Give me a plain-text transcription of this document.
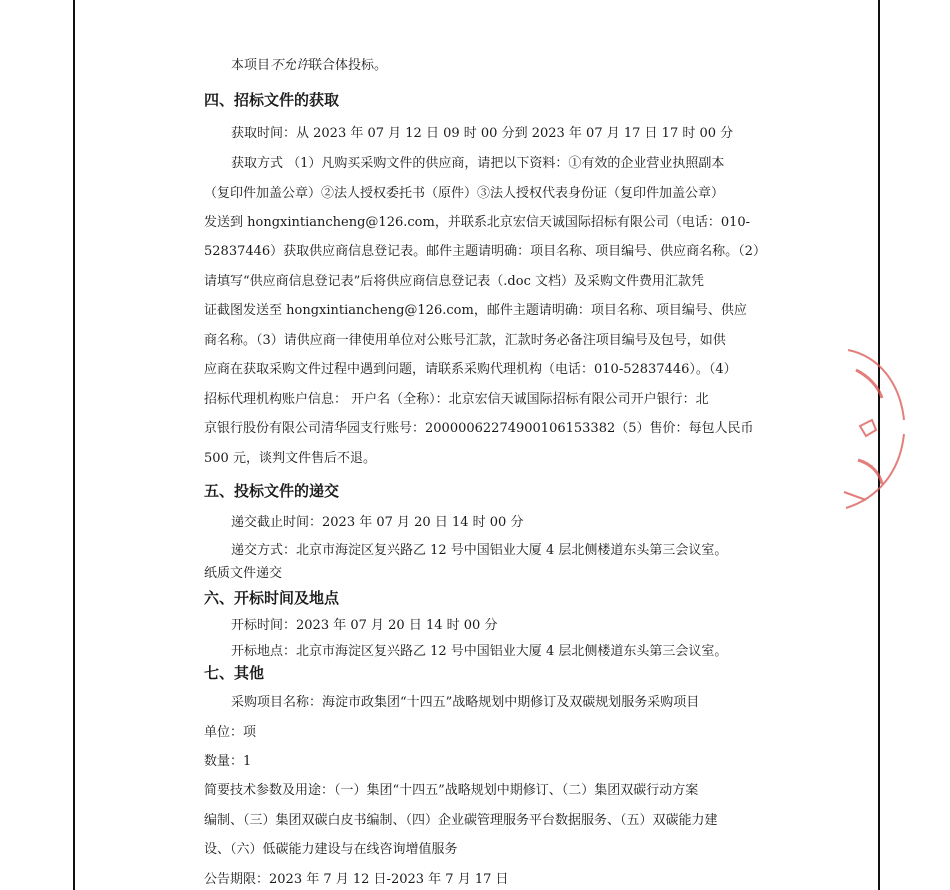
本项目不允许联合体投标。
四、招标文件的获取
获取时间：从 2023 年 07 月 12 日 09 时 00 分到 2023 年 07 月 17 日 17 时 00 分
获取方式 （1）凡购买采购文件的供应商，请把以下资料：①有效的企业营业执照副本
（复印件加盖公章）②法人授权委托书（原件）③法人授权代表身份证（复印件加盖公章）
发送到 hongxintiancheng@126.com，并联系北京宏信天诚国际招标有限公司（电话：010-
52837446）获取供应商信息登记表。邮件主题请明确：项目名称、项目编号、供应商名称。（2）
请填写“供应商信息登记表”后将供应商信息登记表（.doc 文档）及采购文件费用汇款凭
证截图发送至 hongxintiancheng@126.com，邮件主题请明确：项目名称、项目编号、供应
商名称。（3）请供应商一律使用单位对公账号汇款，汇款时务必备注项目编号及包号，如供
应商在获取采购文件过程中遇到问题，请联系采购代理机构（电话：010-52837446）。（4）
招标代理机构账户信息： 开户名（全称）：北京宏信天诚国际招标有限公司开户银行：北
京银行股份有限公司清华园支行账号：20000062274900106153382（5）售价：每包人民币
500 元，谈判文件售后不退。
五、投标文件的递交
递交截止时间：2023 年 07 月 20 日 14 时 00 分
递交方式：北京市海淀区复兴路乙 12 号中国铝业大厦 4 层北侧楼道东头第三会议室。
纸质文件递交
六、开标时间及地点
开标时间：2023 年 07 月 20 日 14 时 00 分
开标地点：北京市海淀区复兴路乙 12 号中国铝业大厦 4 层北侧楼道东头第三会议室。
七、其他
采购项目名称：海淀市政集团“十四五”战略规划中期修订及双碳规划服务采购项目
单位：项
数量：1
简要技术参数及用途：（一）集团“十四五”战略规划中期修订、（二）集团双碳行动方案
编制、（三）集团双碳白皮书编制、（四）企业碳管理服务平台数据服务、（五）双碳能力建
设、（六）低碳能力建设与在线咨询增值服务
公告期限：2023 年 7 月 12 日-2023 年 7 月 17 日
